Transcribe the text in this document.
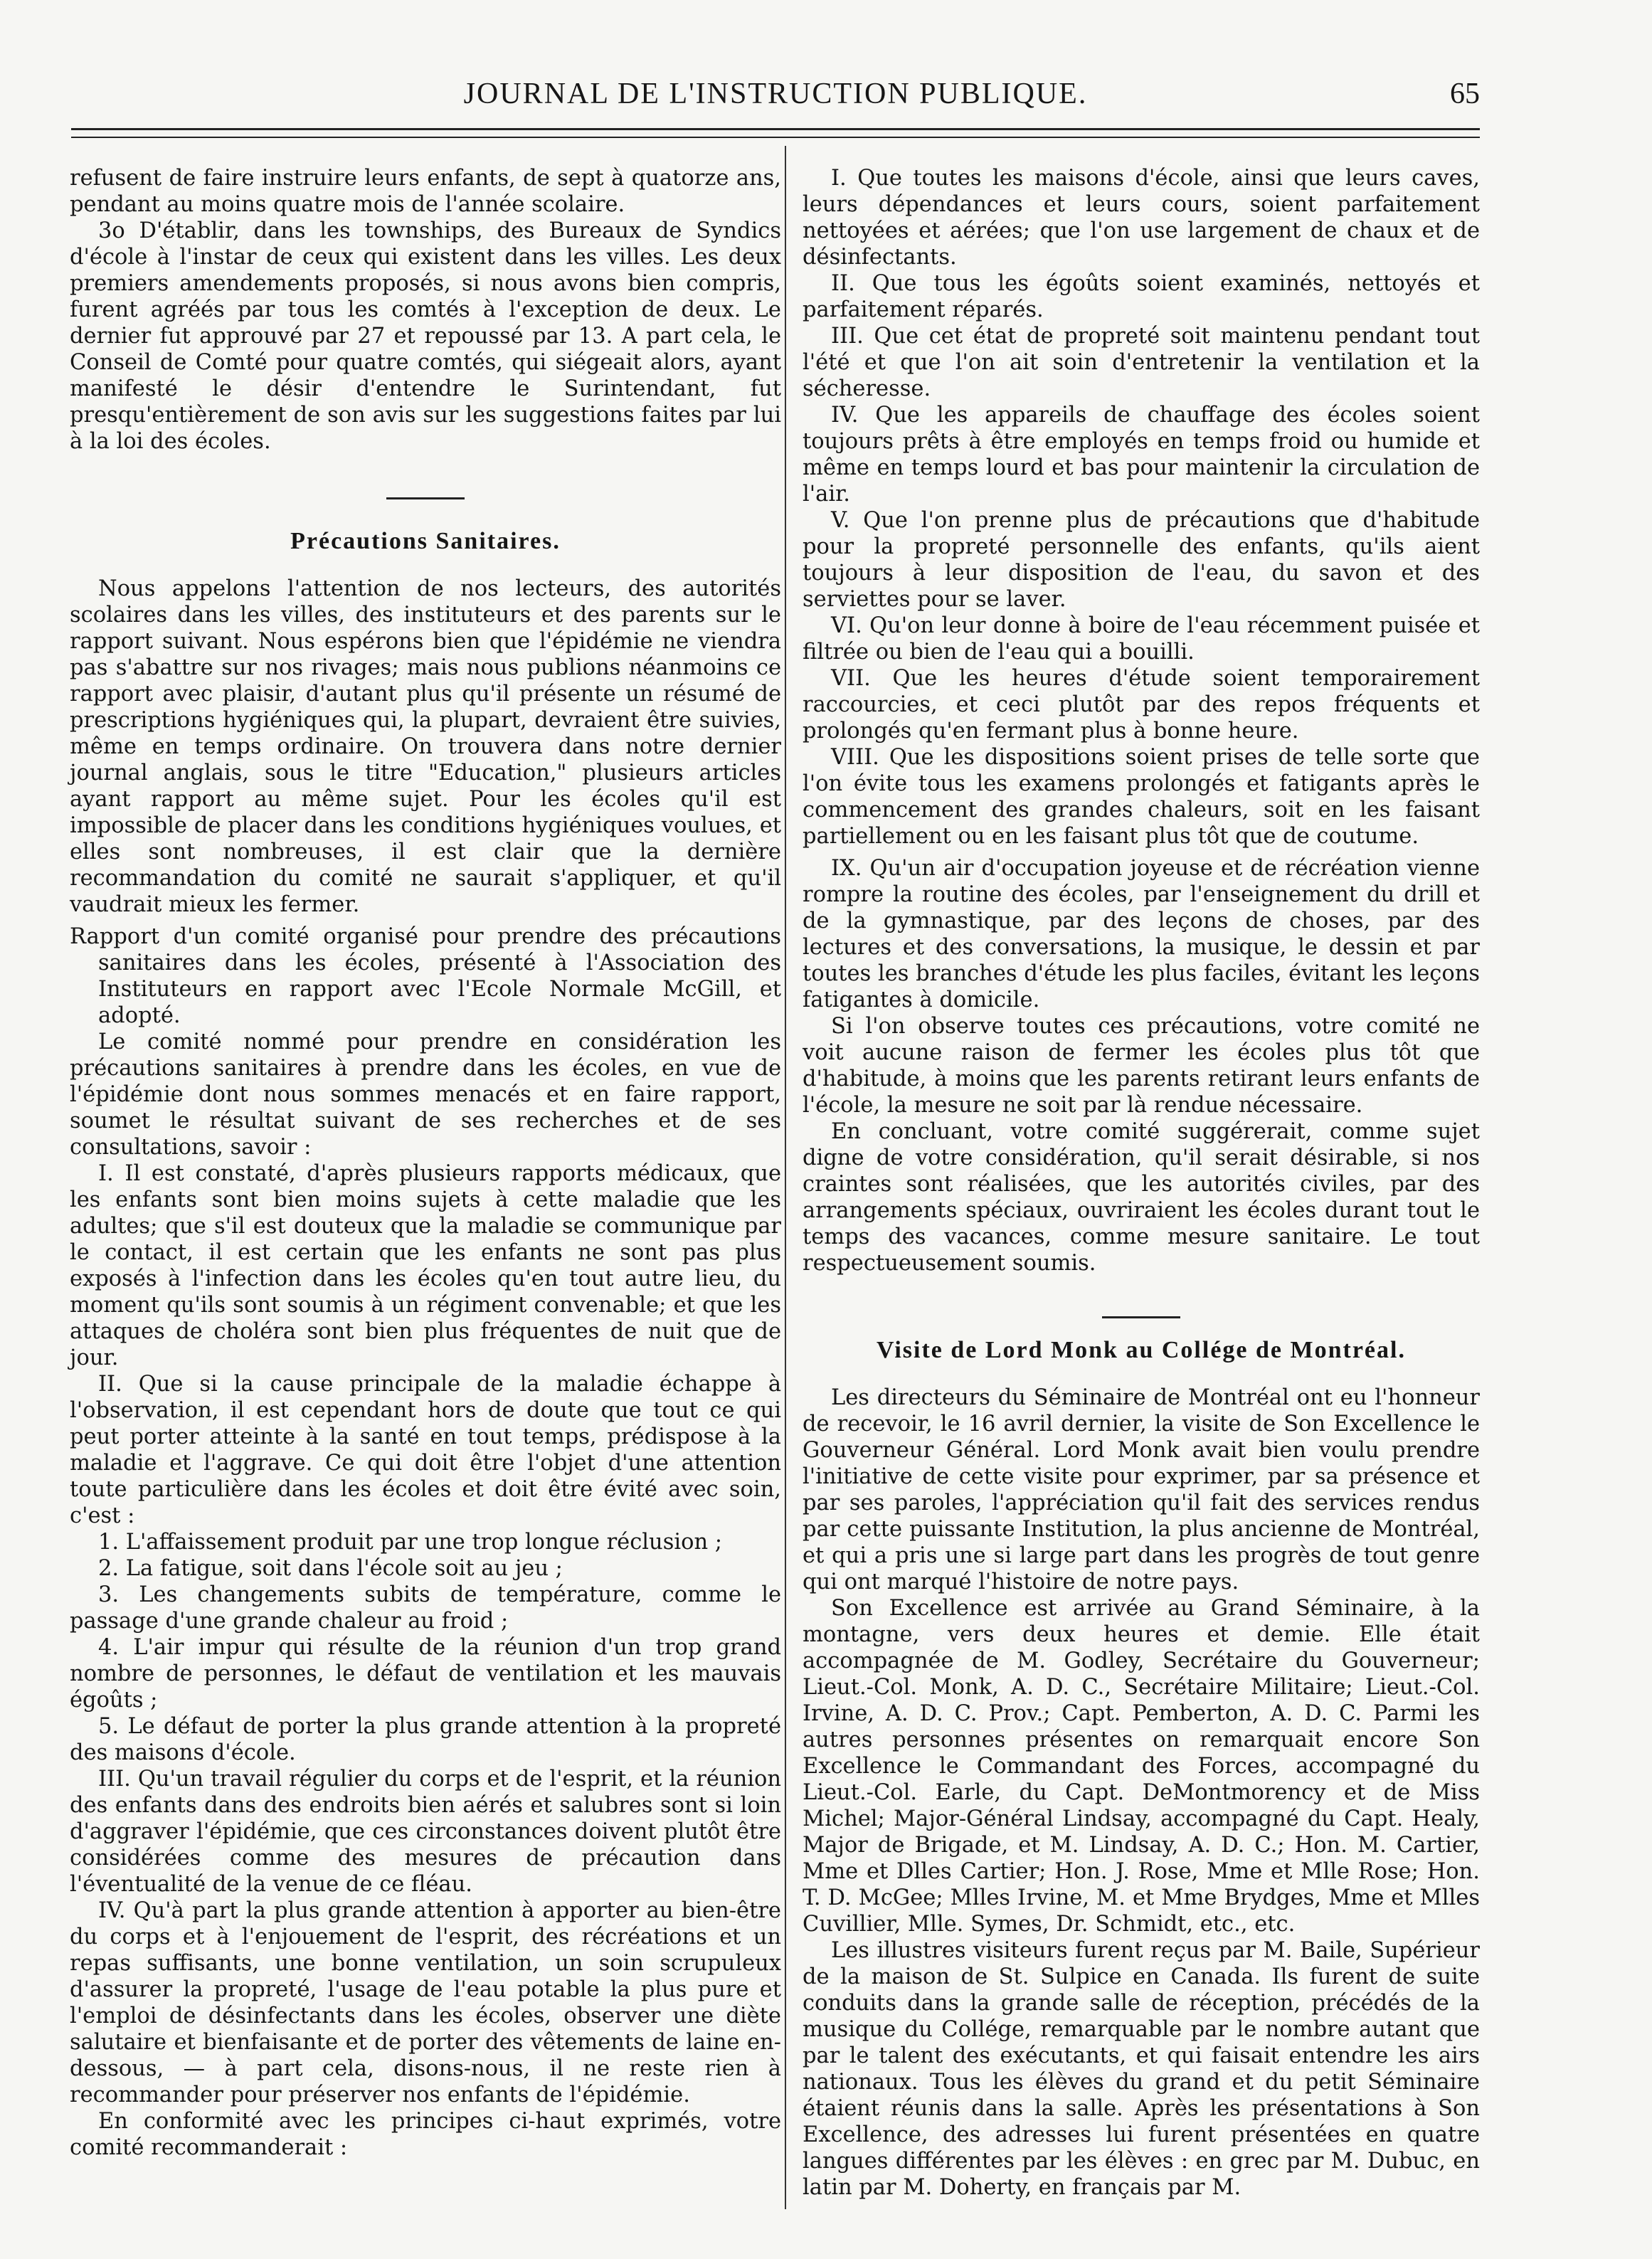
JOURNAL DE L'INSTRUCTION PUBLIQUE.	65

refusent de faire instruire leurs enfants, de sept à quatorze ans, pendant au moins quatre mois de l'année scolaire.

3o D'établir, dans les townships, des Bureaux de Syndics d'école à l'instar de ceux qui existent dans les villes. Les deux premiers amendements proposés, si nous avons bien compris, furent agréés par tous les comtés à l'exception de deux. Le dernier fut approuvé par 27 et repoussé par 13. A part cela, le Conseil de Comté pour quatre comtés, qui siégeait alors, ayant manifesté le désir d'entendre le Surintendant, fut presqu'entièrement de son avis sur les suggestions faites par lui à la loi des écoles.

Précautions Sanitaires.

Nous appelons l'attention de nos lecteurs, des autorités scolaires dans les villes, des instituteurs et des parents sur le rapport suivant. Nous espérons bien que l'épidémie ne viendra pas s'abattre sur nos rivages; mais nous publions néanmoins ce rapport avec plaisir, d'autant plus qu'il présente un résumé de prescriptions hygiéniques qui, la plupart, devraient être suivies, même en temps ordinaire. On trouvera dans notre dernier journal anglais, sous le titre "Education," plusieurs articles ayant rapport au même sujet. Pour les écoles qu'il est impossible de placer dans les conditions hygiéniques voulues, et elles sont nombreuses, il est clair que la dernière recommandation du comité ne saurait s'appliquer, et qu'il vaudrait mieux les fermer.

Rapport d'un comité organisé pour prendre des précautions sanitaires dans les écoles, présenté à l'Association des Instituteurs en rapport avec l'Ecole Normale McGill, et adopté.

Le comité nommé pour prendre en considération les précautions sanitaires à prendre dans les écoles, en vue de l'épidémie dont nous sommes menacés et en faire rapport, soumet le résultat suivant de ses recherches et de ses consultations, savoir :

I. Il est constaté, d'après plusieurs rapports médicaux, que les enfants sont bien moins sujets à cette maladie que les adultes; que s'il est douteux que la maladie se communique par le contact, il est certain que les enfants ne sont pas plus exposés à l'infection dans les écoles qu'en tout autre lieu, du moment qu'ils sont soumis à un régiment convenable; et que les attaques de choléra sont bien plus fréquentes de nuit que de jour.

II. Que si la cause principale de la maladie échappe à l'observation, il est cependant hors de doute que tout ce qui peut porter atteinte à la santé en tout temps, prédispose à la maladie et l'aggrave. Ce qui doit être l'objet d'une attention toute particulière dans les écoles et doit être évité avec soin, c'est :

1. L'affaissement produit par une trop longue réclusion ;

2. La fatigue, soit dans l'école soit au jeu ;

3. Les changements subits de température, comme le passage d'une grande chaleur au froid ;

4. L'air impur qui résulte de la réunion d'un trop grand nombre de personnes, le défaut de ventilation et les mauvais égoûts ;

5. Le défaut de porter la plus grande attention à la propreté des maisons d'école.

III. Qu'un travail régulier du corps et de l'esprit, et la réunion des enfants dans des endroits bien aérés et salubres sont si loin d'aggraver l'épidémie, que ces circonstances doivent plutôt être considérées comme des mesures de précaution dans l'éventualité de la venue de ce fléau.

IV. Qu'à part la plus grande attention à apporter au bien-être du corps et à l'enjouement de l'esprit, des récréations et un repas suffisants, une bonne ventilation, un soin scrupuleux d'assurer la propreté, l'usage de l'eau potable la plus pure et l'emploi de désinfectants dans les écoles, observer une diète salutaire et bienfaisante et de porter des vêtements de laine en-dessous, — à part cela, disons-nous, il ne reste rien à recommander pour préserver nos enfants de l'épidémie.

En conformité avec les principes ci-haut exprimés, votre comité recommanderait :

I. Que toutes les maisons d'école, ainsi que leurs caves, leurs dépendances et leurs cours, soient parfaitement nettoyées et aérées; que l'on use largement de chaux et de désinfectants.

II. Que tous les égoûts soient examinés, nettoyés et parfaitement réparés.

III. Que cet état de propreté soit maintenu pendant tout l'été et que l'on ait soin d'entretenir la ventilation et la sécheresse.

IV. Que les appareils de chauffage des écoles soient toujours prêts à être employés en temps froid ou humide et même en temps lourd et bas pour maintenir la circulation de l'air.

V. Que l'on prenne plus de précautions que d'habitude pour la propreté personnelle des enfants, qu'ils aient toujours à leur disposition de l'eau, du savon et des serviettes pour se laver.

VI. Qu'on leur donne à boire de l'eau récemment puisée et filtrée ou bien de l'eau qui a bouilli.

VII. Que les heures d'étude soient temporairement raccourcies, et ceci plutôt par des repos fréquents et prolongés qu'en fermant plus à bonne heure.

VIII. Que les dispositions soient prises de telle sorte que l'on évite tous les examens prolongés et fatigants après le commencement des grandes chaleurs, soit en les faisant partiellement ou en les faisant plus tôt que de coutume.

IX. Qu'un air d'occupation joyeuse et de récréation vienne rompre la routine des écoles, par l'enseignement du drill et de la gymnastique, par des leçons de choses, par des lectures et des conversations, la musique, le dessin et par toutes les branches d'étude les plus faciles, évitant les leçons fatigantes à domicile.

Si l'on observe toutes ces précautions, votre comité ne voit aucune raison de fermer les écoles plus tôt que d'habitude, à moins que les parents retirant leurs enfants de l'école, la mesure ne soit par là rendue nécessaire.

En concluant, votre comité suggérerait, comme sujet digne de votre considération, qu'il serait désirable, si nos craintes sont réalisées, que les autorités civiles, par des arrangements spéciaux, ouvriraient les écoles durant tout le temps des vacances, comme mesure sanitaire. Le tout respectueusement soumis.

Visite de Lord Monk au Collége de Montréal.

Les directeurs du Séminaire de Montréal ont eu l'honneur de recevoir, le 16 avril dernier, la visite de Son Excellence le Gouverneur Général. Lord Monk avait bien voulu prendre l'initiative de cette visite pour exprimer, par sa présence et par ses paroles, l'appréciation qu'il fait des services rendus par cette puissante Institution, la plus ancienne de Montréal, et qui a pris une si large part dans les progrès de tout genre qui ont marqué l'histoire de notre pays.

Son Excellence est arrivée au Grand Séminaire, à la montagne, vers deux heures et demie. Elle était accompagnée de M. Godley, Secrétaire du Gouverneur; Lieut.-Col. Monk, A. D. C., Secrétaire Militaire; Lieut.-Col. Irvine, A. D. C. Prov.; Capt. Pemberton, A. D. C. Parmi les autres personnes présentes on remarquait encore Son Excellence le Commandant des Forces, accompagné du Lieut.-Col. Earle, du Capt. DeMontmorency et de Miss Michel; Major-Général Lindsay, accompagné du Capt. Healy, Major de Brigade, et M. Lindsay, A. D. C.; Hon. M. Cartier, Mme et Dlles Cartier; Hon. J. Rose, Mme et Mlle Rose; Hon. T. D. McGee; Mlles Irvine, M. et Mme Brydges, Mme et Mlles Cuvillier, Mlle. Symes, Dr. Schmidt, etc., etc.

Les illustres visiteurs furent reçus par M. Baile, Supérieur de la maison de St. Sulpice en Canada. Ils furent de suite conduits dans la grande salle de réception, précédés de la musique du Collége, remarquable par le nombre autant que par le talent des exécutants, et qui faisait entendre les airs nationaux. Tous les élèves du grand et du petit Séminaire étaient réunis dans la salle. Après les présentations à Son Excellence, des adresses lui furent présentées en quatre langues différentes par les élèves : en grec par M. Dubuc, en latin par M. Doherty, en français par M.
